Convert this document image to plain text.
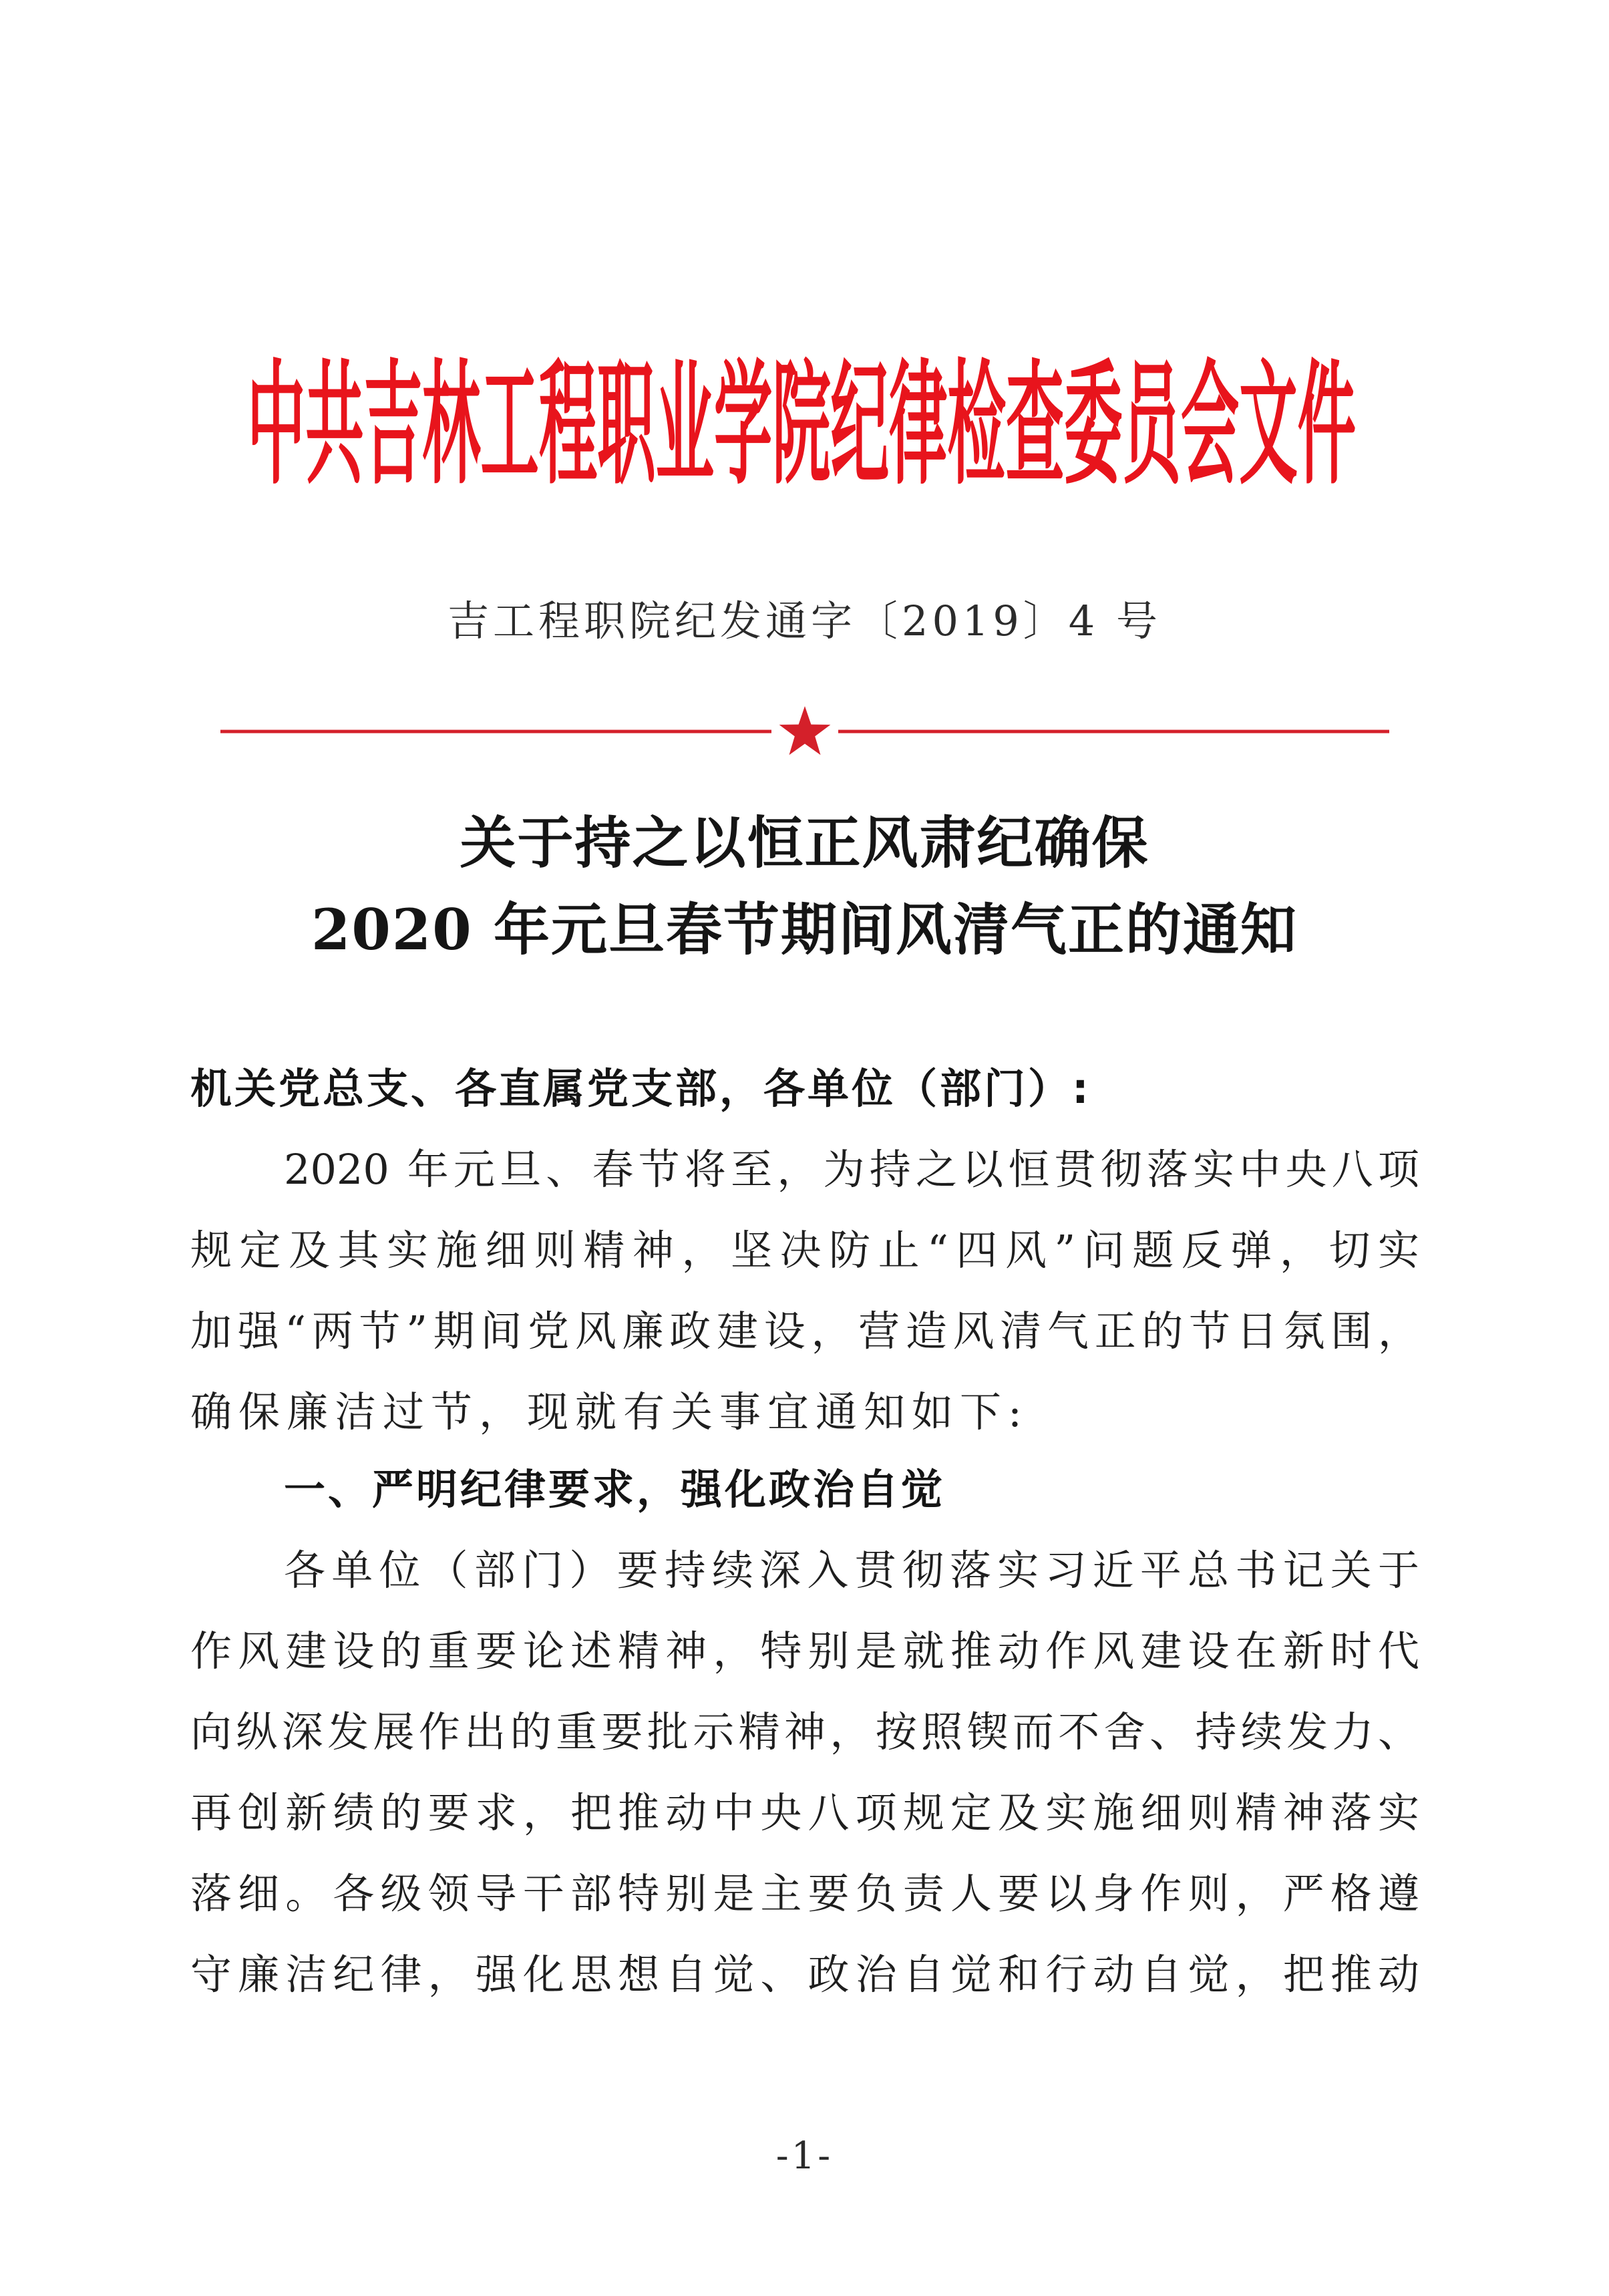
中共吉林工程职业学院纪律检查委员会文件
吉工程职院纪发通字〔2019〕4 号
关于持之以恒正风肃纪确保
2020 年元旦春节期间风清气正的通知
机关党总支、各直属党支部，各单位（部门）:
2020 年元旦、春节将至，为持之以恒贯彻落实中央八项
规定及其实施细则精神，坚决防止“四风”问题反弹，切实
加强“两节”期间党风廉政建设，营造风清气正的节日氛围，
确保廉洁过节，现就有关事宜通知如下:
一、严明纪律要求，强化政治自觉
各单位（部门）要持续深入贯彻落实习近平总书记关于
作风建设的重要论述精神，特别是就推动作风建设在新时代
向纵深发展作出的重要批示精神，按照锲而不舍、持续发力、
再创新绩的要求，把推动中央八项规定及实施细则精神落实
落细。各级领导干部特别是主要负责人要以身作则，严格遵
守廉洁纪律，强化思想自觉、政治自觉和行动自觉，把推动
-1-
